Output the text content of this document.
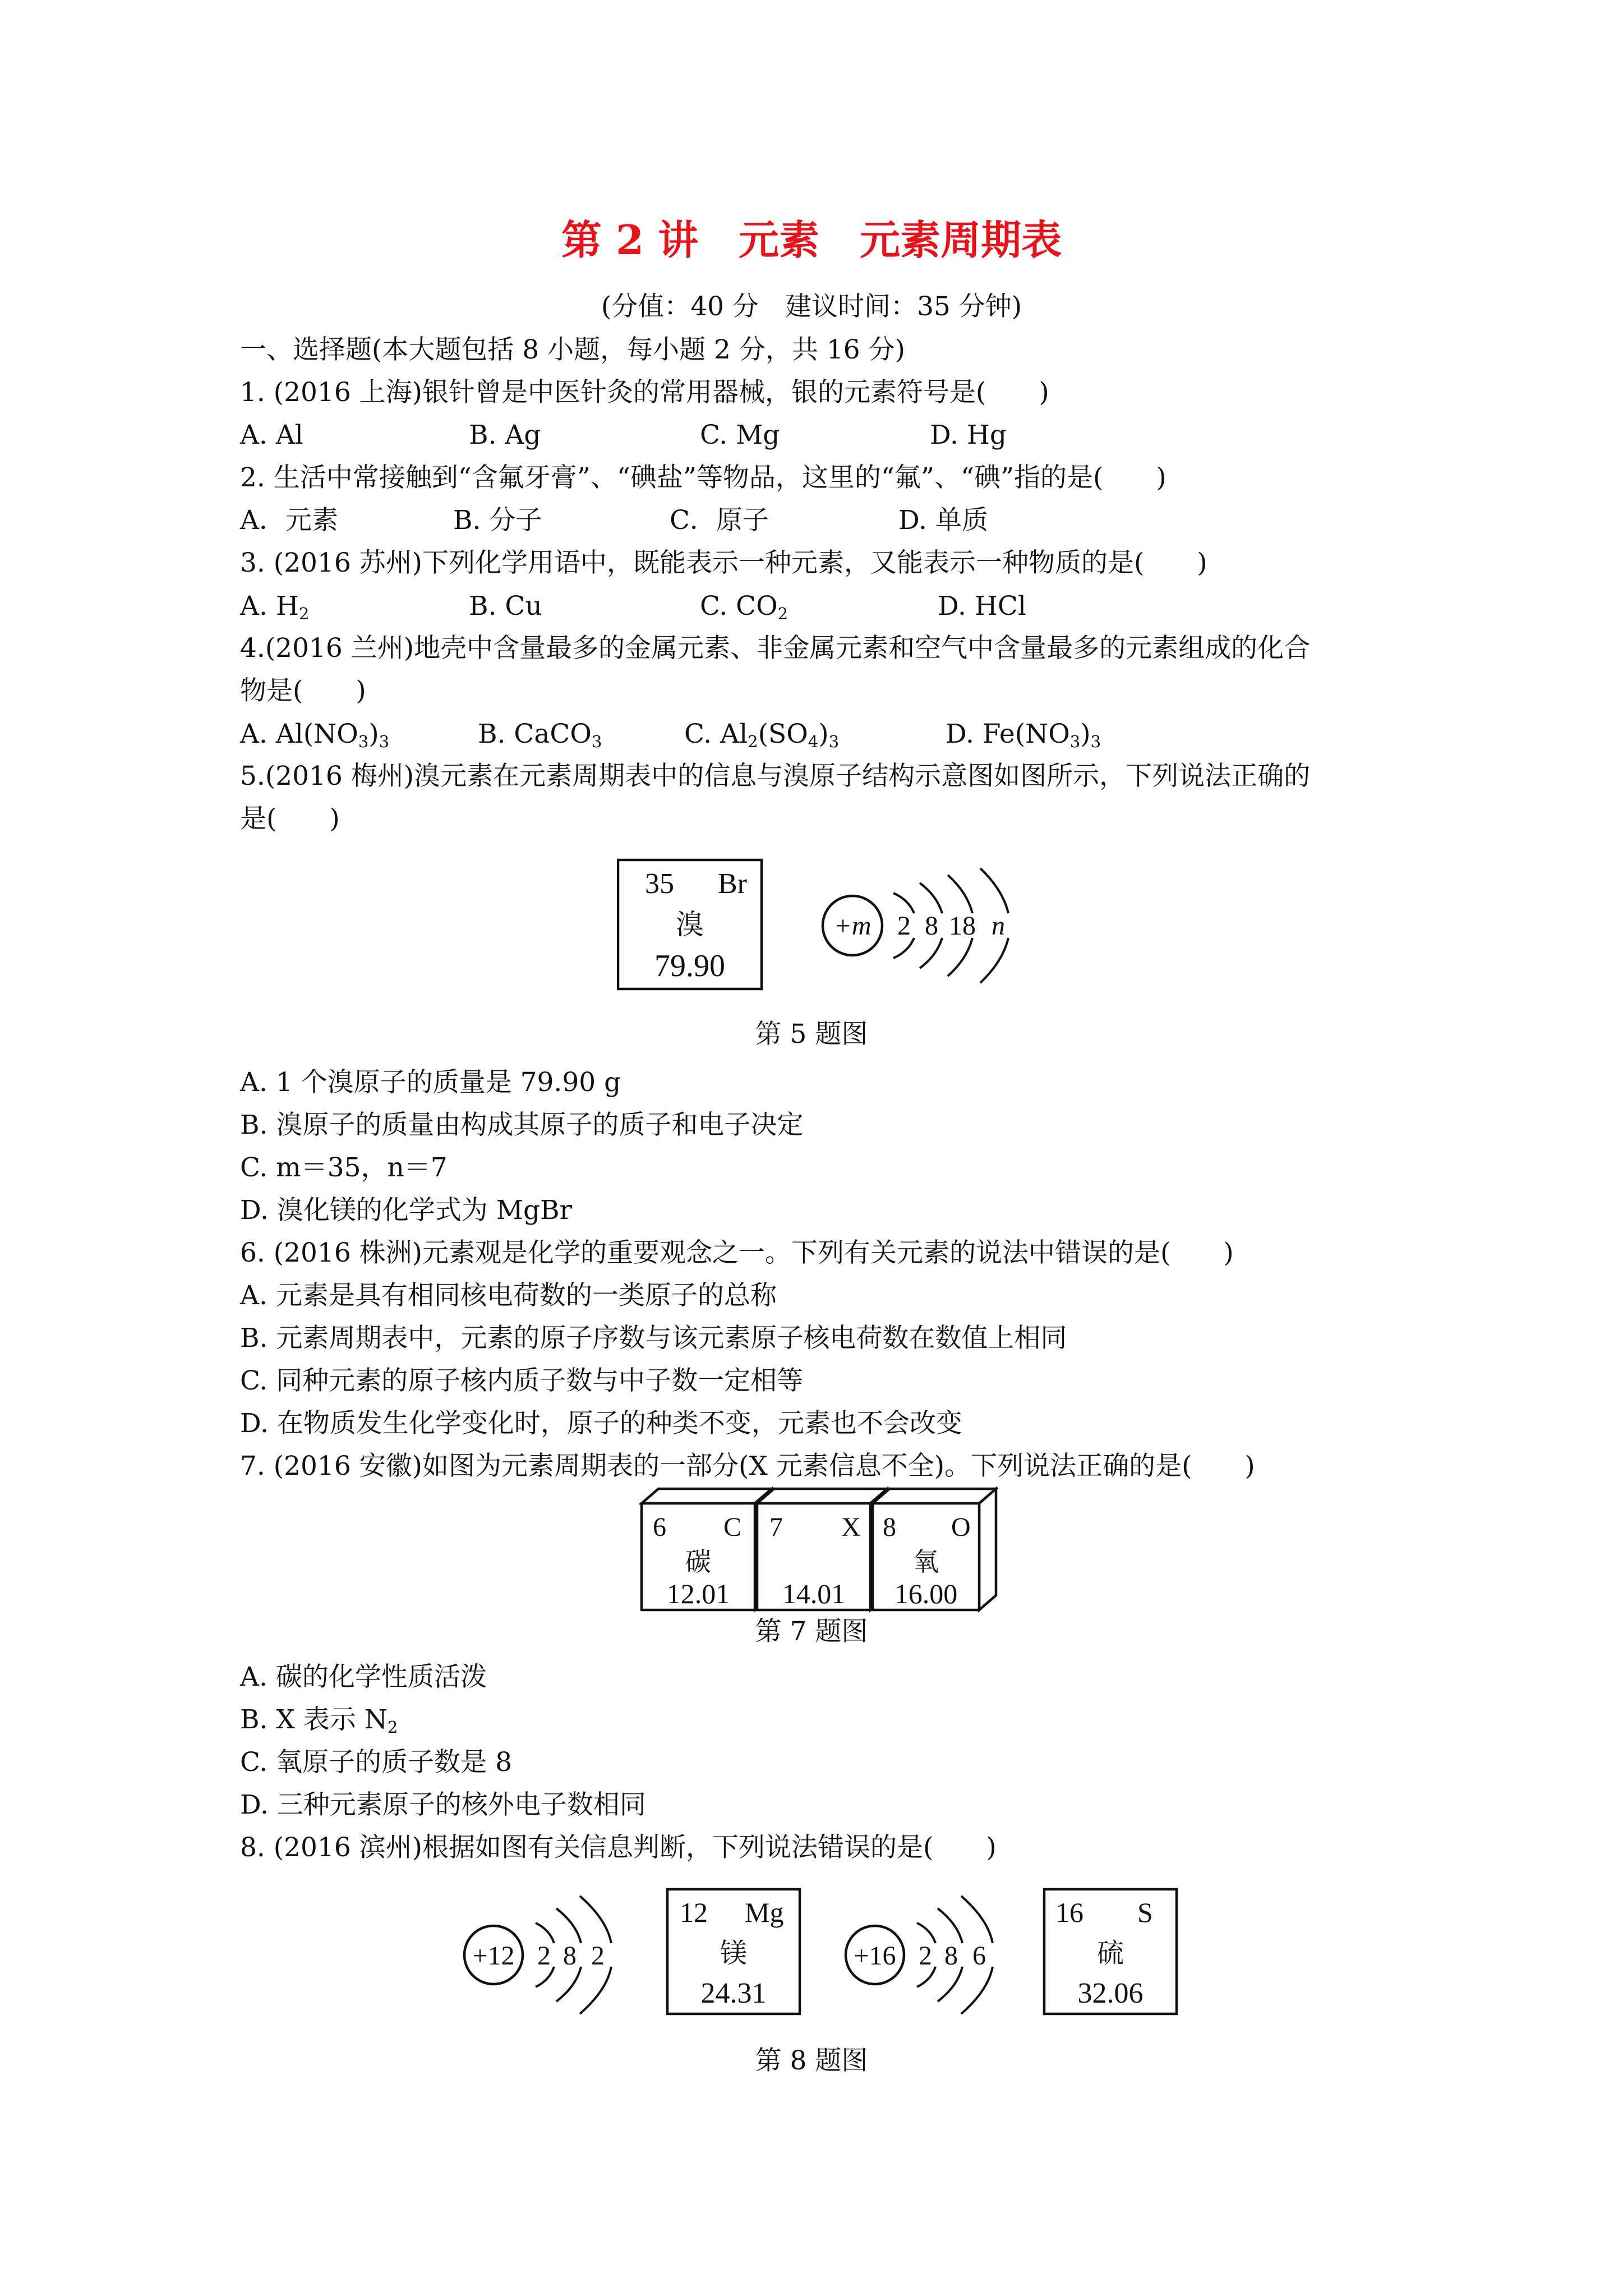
第 2 讲　元素　元素周期表
(分值：40 分　建议时间：35 分钟)
一、选择题(本大题包括 8 小题，每小题 2 分，共 16 分)
1. (2016 上海)银针曾是中医针灸的常用器械，银的元素符号是(　　)
A. Al	B. Ag	C. Mg	D. Hg
2. 生活中常接触到“含氟牙膏”、“碘盐”等物品，这里的“氟”、“碘”指的是(　　)
A．元素	B. 分子	C．原子	D. 单质
3. (2016 苏州)下列化学用语中，既能表示一种元素，又能表示一种物质的是(　　)
A. $H_2$	B. Cu	C. $CO_2$	D. HCl
4.(2016 兰州)地壳中含量最多的金属元素、非金属元素和空气中含量最多的元素组成的化合
物是(　　)
A. $Al(NO_3)_3$	B. CaCO$_3$	C. $Al_2(SO_4)_3$	D. $Fe(NO_3)_3$
5.(2016 梅州)溴元素在元素周期表中的信息与溴原子结构示意图如图所示，下列说法正确的
是(　　)
35 Br
溴
79.90
+m 2 8 18 n
第 5 题图
A. 1 个溴原子的质量是 79.90 g
B. 溴原子的质量由构成其原子的质子和电子决定
C. m＝35，n＝7
D. 溴化镁的化学式为 MgBr
6. (2016 株洲)元素观是化学的重要观念之一。下列有关元素的说法中错误的是(　　)
A. 元素是具有相同核电荷数的一类原子的总称
B. 元素周期表中，元素的原子序数与该元素原子核电荷数在数值上相同
C. 同种元素的原子核内质子数与中子数一定相等
D. 在物质发生化学变化时，原子的种类不变，元素也不会改变
7. (2016 安徽)如图为元素周期表的一部分(X 元素信息不全)。下列说法正确的是(　　)
6 C
碳
12.01
7 X
14.01
8 O
氧
16.00
第 7 题图
A. 碳的化学性质活泼
B. X 表示 $N_2$
C. 氧原子的质子数是 8
D. 三种元素原子的核外电子数相同
8. (2016 滨州)根据如图有关信息判断，下列说法错误的是(　　)
+12 2 8 2
12 Mg
镁
24.31
+16 2 8 6
16 S
硫
32.06
第 8 题图
